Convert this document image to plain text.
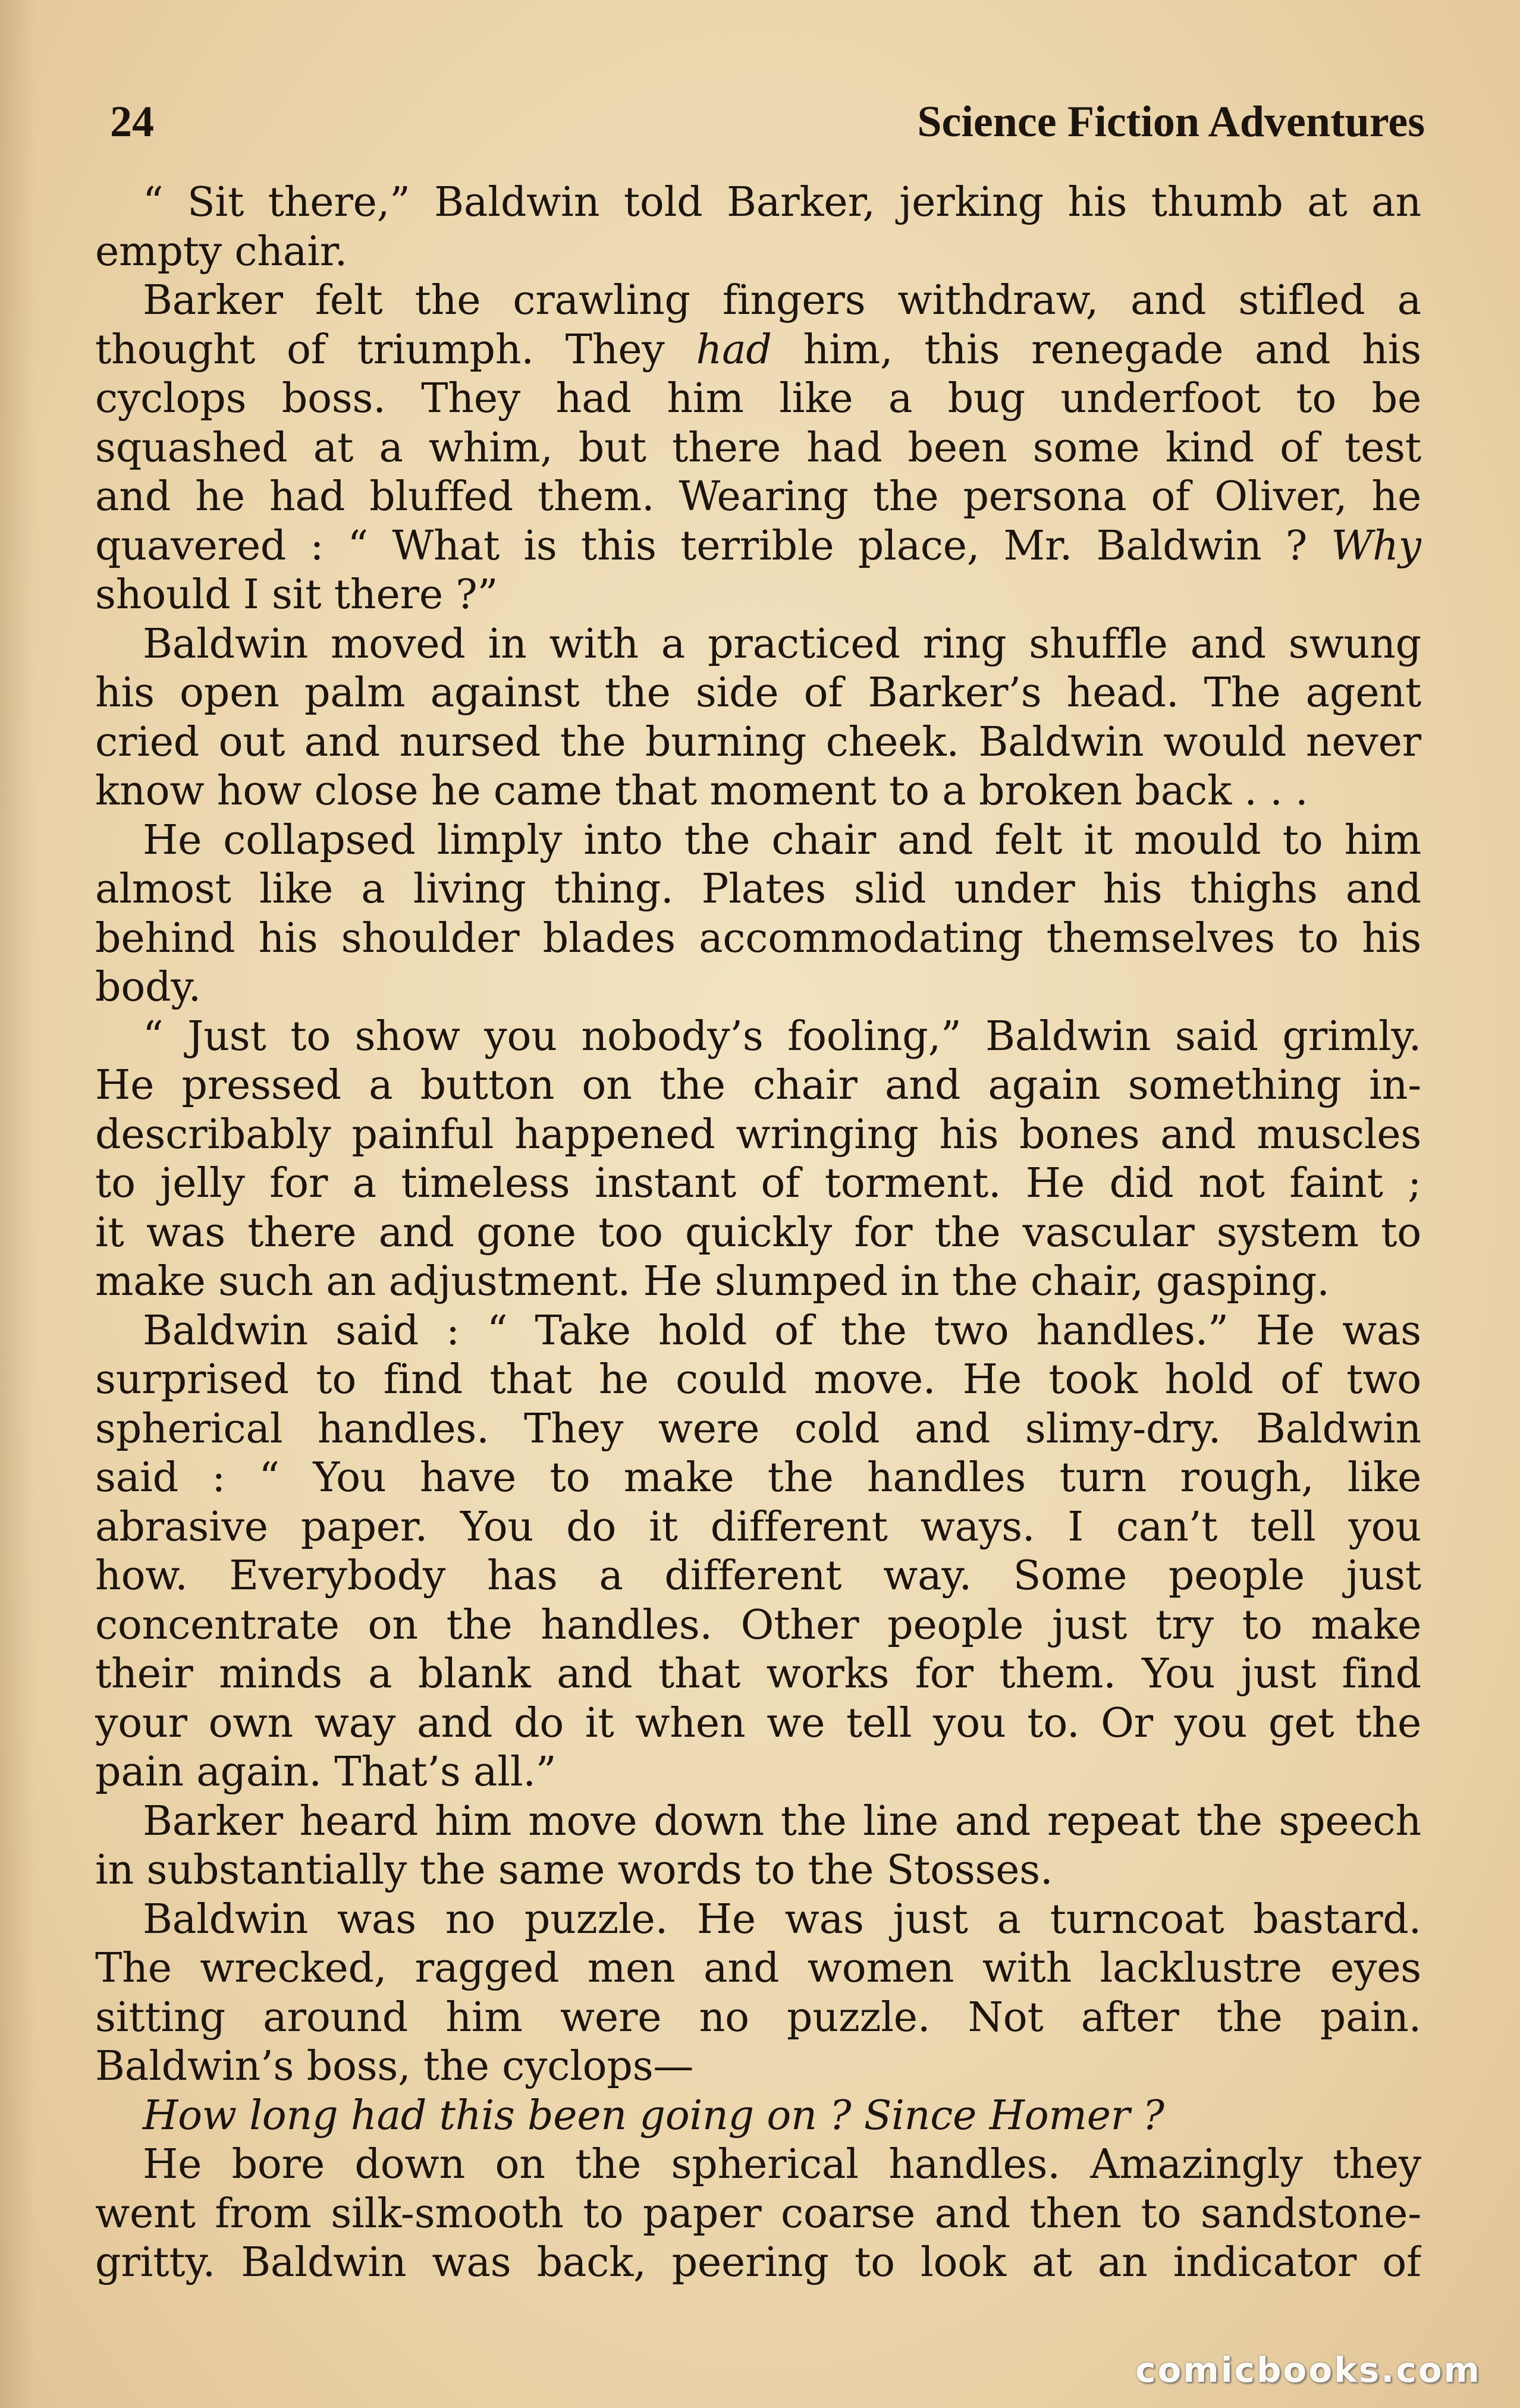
24	Science Fiction Adventures
“ Sit there,” Baldwin told Barker, jerking his thumb at an
empty chair.
Barker felt the crawling fingers withdraw, and stifled a
thought of triumph. They had him, this renegade and his
cyclops boss. They had him like a bug underfoot to be
squashed at a whim, but there had been some kind of test
and he had bluffed them. Wearing the persona of Oliver, he
quavered : “ What is this terrible place, Mr. Baldwin ? Why
should I sit there ?”
Baldwin moved in with a practiced ring shuffle and swung
his open palm against the side of Barker’s head. The agent
cried out and nursed the burning cheek. Baldwin would never
know how close he came that moment to a broken back . . .
He collapsed limply into the chair and felt it mould to him
almost like a living thing. Plates slid under his thighs and
behind his shoulder blades accommodating themselves to his
body.
“ Just to show you nobody’s fooling,” Baldwin said grimly.
He pressed a button on the chair and again something in-
describably painful happened wringing his bones and muscles
to jelly for a timeless instant of torment. He did not faint ;
it was there and gone too quickly for the vascular system to
make such an adjustment. He slumped in the chair, gasping.
Baldwin said : “ Take hold of the two handles.” He was
surprised to find that he could move. He took hold of two
spherical handles. They were cold and slimy-dry. Baldwin
said : “ You have to make the handles turn rough, like
abrasive paper. You do it different ways. I can’t tell you
how. Everybody has a different way. Some people just
concentrate on the handles. Other people just try to make
their minds a blank and that works for them. You just find
your own way and do it when we tell you to. Or you get the
pain again. That’s all.”
Barker heard him move down the line and repeat the speech
in substantially the same words to the Stosses.
Baldwin was no puzzle. He was just a turncoat bastard.
The wrecked, ragged men and women with lacklustre eyes
sitting around him were no puzzle. Not after the pain.
Baldwin’s boss, the cyclops—
How long had this been going on ? Since Homer ?
He bore down on the spherical handles. Amazingly they
went from silk-smooth to paper coarse and then to sandstone-
gritty. Baldwin was back, peering to look at an indicator of
comicbooks.com
